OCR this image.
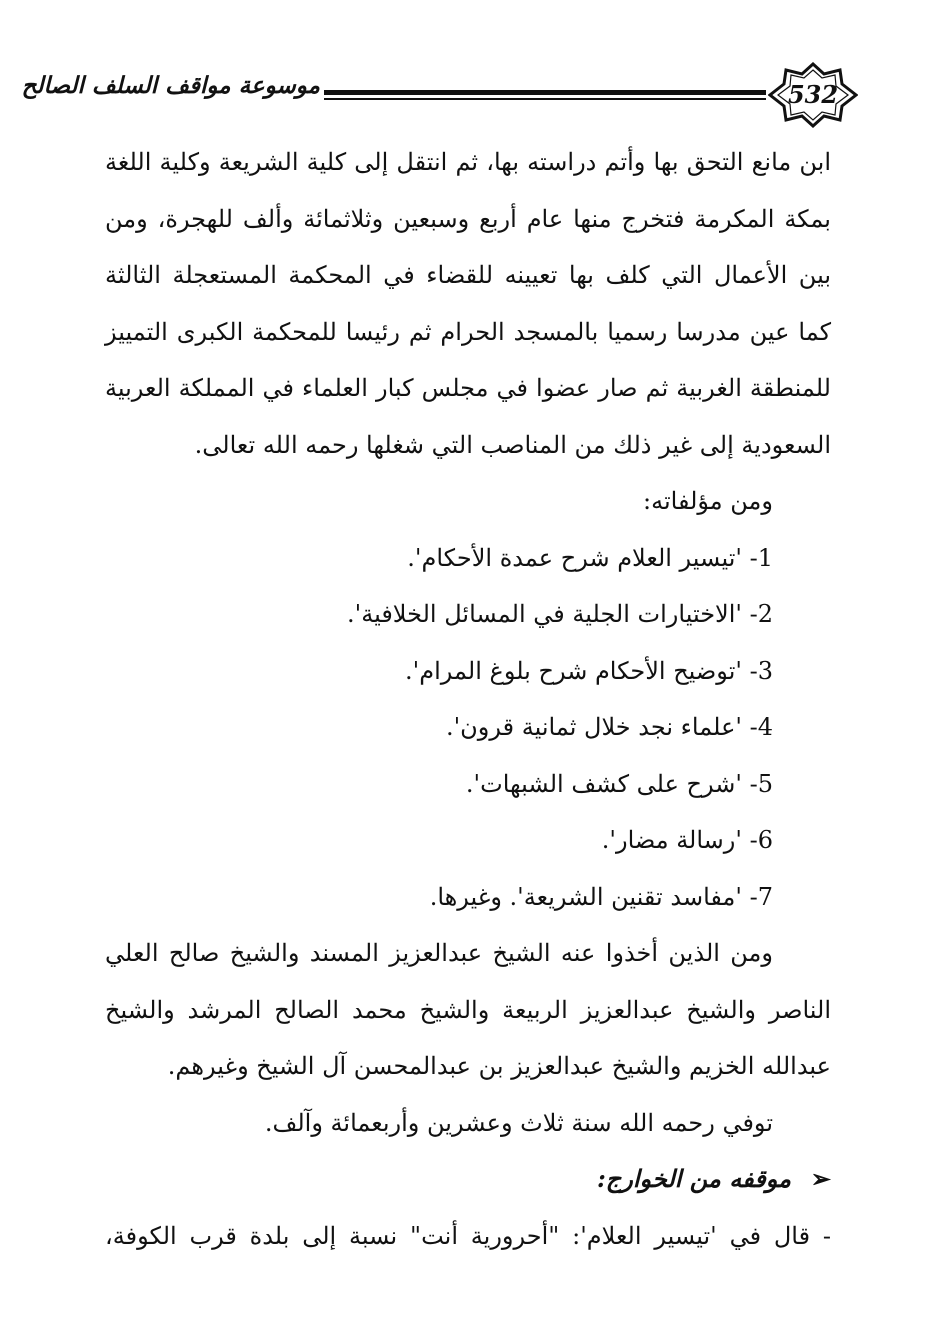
532
موسوعة مواقف السلف الصالح

ابن مانع التحق بها وأتم دراسته بها، ثم انتقل إلى كلية الشريعة وكلية اللغة بمكة المكرمة فتخرج منها عام أربع وسبعين وثلاثمائة وألف للهجرة، ومن بين الأعمال التي كلف بها تعيينه للقضاء في المحكمة المستعجلة الثالثة كما عين مدرسا رسميا بالمسجد الحرام ثم رئيسا للمحكمة الكبرى التمييز للمنطقة الغربية ثم صار عضوا في مجلس كبار العلماء في المملكة العربية السعودية إلى غير ذلك من المناصب التي شغلها رحمه الله تعالى.

ومن مؤلفاته:

1- 'تيسير العلام شرح عمدة الأحكام'.

2- 'الاختيارات الجلية في المسائل الخلافية'.

3- 'توضيح الأحكام شرح بلوغ المرام'.

4- 'علماء نجد خلال ثمانية قرون'.

5- 'شرح على كشف الشبهات'.

6- 'رسالة مضار'.

7- 'مفاسد تقنين الشريعة'. وغيرها.

ومن الذين أخذوا عنه الشيخ عبدالعزيز المسند والشيخ صالح العلي الناصر والشيخ عبدالعزيز الربيعة والشيخ محمد الصالح المرشد والشيخ عبدالله الخزيم والشيخ عبدالعزيز بن عبدالمحسن آل الشيخ وغيرهم.

توفي رحمه الله سنة ثلاث وعشرين وأربعمائة وآلف.

➢موقفه من الخوارج:

- قال في 'تيسير العلام': "أحرورية أنت" نسبة إلى بلدة قرب الكوفة،
